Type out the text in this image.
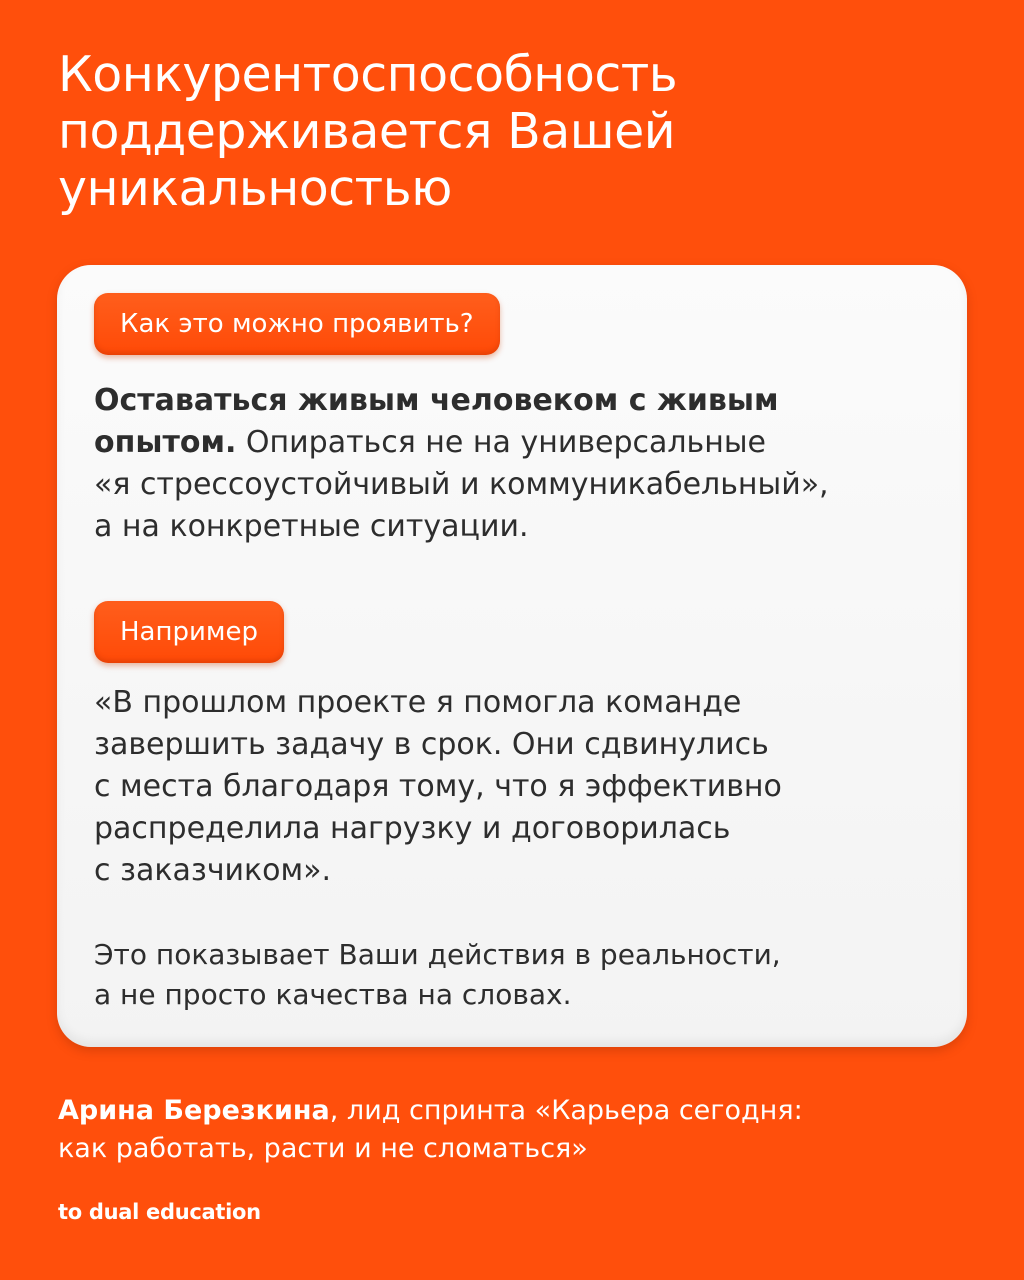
Конкурентоспособность
поддерживается Вашей
уникальностью
Как это можно проявить?
Оставаться живым человеком с живым
опытом. Опираться не на универсальные
«я стрессоустойчивый и коммуникабельный»,
а на конкретные ситуации.
Например
«В прошлом проекте я помогла команде
завершить задачу в срок. Они сдвинулись
с места благодаря тому, что я эффективно
распределила нагрузку и договорилась
с заказчиком».
Это показывает Ваши действия в реальности,
а не просто качества на словах.
Арина Березкина, лид спринта «Карьера сегодня:
как работать, расти и не сломаться»
to dual education
